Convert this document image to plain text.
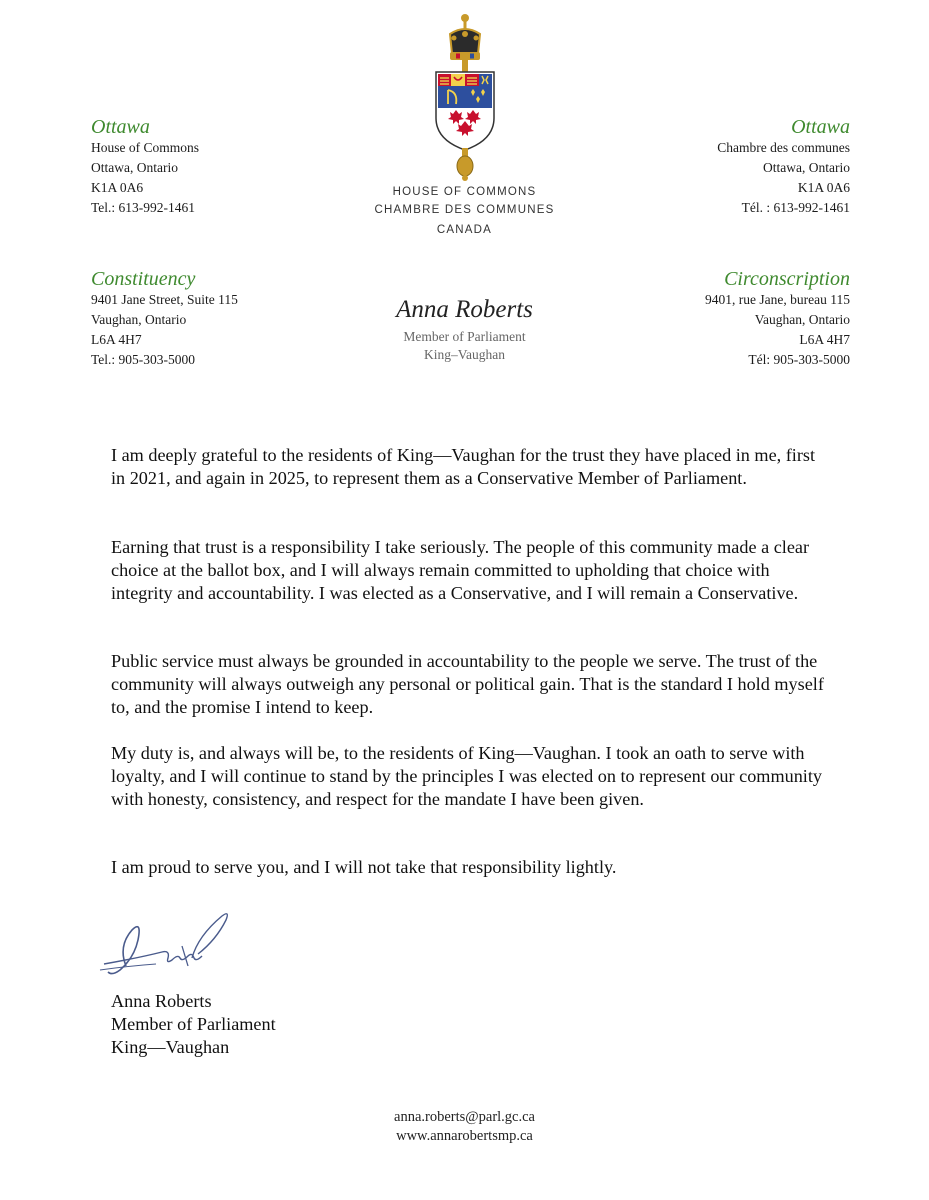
HOUSE OF COMMONS
CHAMBRE DES COMMUNES
CANADA
Ottawa
House of Commons
Ottawa, Ontario
K1A 0A6
Tel.: 613-992-1461
Constituency
9401 Jane Street, Suite 115
Vaughan, Ontario
L6A 4H7
Tel.: 905-303-5000
Ottawa
Chambre des communes
Ottawa, Ontario
K1A 0A6
Tél. : 613-992-1461
Circonscription
9401, rue Jane, bureau 115
Vaughan, Ontario
L6A 4H7
Tél: 905-303-5000
Anna Roberts
Member of Parliament
King–Vaughan

I am deeply grateful to the residents of King—Vaughan for the trust they have placed in me, first in 2021, and again in 2025, to represent them as a Conservative Member of Parliament.

Earning that trust is a responsibility I take seriously. The people of this community made a clear choice at the ballot box, and I will always remain committed to upholding that choice with integrity and accountability. I was elected as a Conservative, and I will remain a Conservative.

Public service must always be grounded in accountability to the people we serve. The trust of the community will always outweigh any personal or political gain. That is the standard I hold myself to, and the promise I intend to keep.

My duty is, and always will be, to the residents of King—Vaughan. I took an oath to serve with loyalty, and I will continue to stand by the principles I was elected on to represent our community with honesty, consistency, and respect for the mandate I have been given.

I am proud to serve you, and I will not take that responsibility lightly.

Anna Roberts
Member of Parliament
King—Vaughan
anna.roberts@parl.gc.ca
www.annarobertsmp.ca
